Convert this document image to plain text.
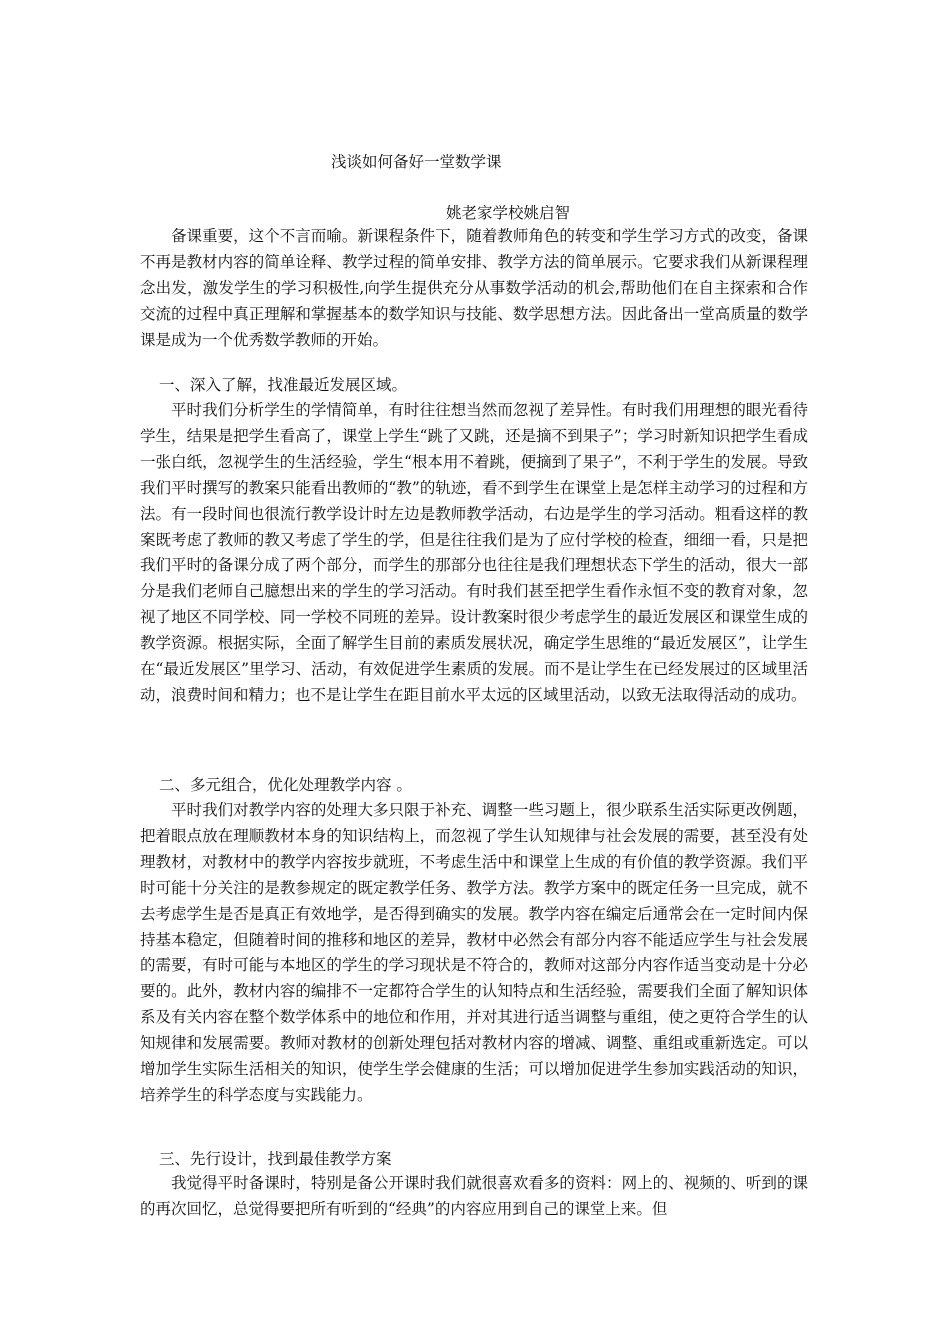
浅谈如何备好一堂数学课

姚老家学校姚启智

备课重要，这个不言而喻。新课程条件下，随着教师角色的转变和学生学习方式的改变，备课不再是教材内容的简单诠释、教学过程的简单安排、教学方法的简单展示。它要求我们从新课程理念出发，激发学生的学习积极性,向学生提供充分从事数学活动的机会,帮助他们在自主探索和合作交流的过程中真正理解和掌握基本的数学知识与技能、数学思想方法。因此备出一堂高质量的数学课是成为一个优秀数学教师的开始。

一、深入了解，找准最近发展区域。

平时我们分析学生的学情简单，有时往往想当然而忽视了差异性。有时我们用理想的眼光看待学生，结果是把学生看高了，课堂上学生“跳了又跳，还是摘不到果子”；学习时新知识把学生看成一张白纸，忽视学生的生活经验，学生“根本用不着跳，便摘到了果子”，不利于学生的发展。导致我们平时撰写的教案只能看出教师的“教”的轨迹，看不到学生在课堂上是怎样主动学习的过程和方法。有一段时间也很流行教学设计时左边是教师教学活动，右边是学生的学习活动。粗看这样的教案既考虑了教师的教又考虑了学生的学，但是往往我们是为了应付学校的检查，细细一看，只是把我们平时的备课分成了两个部分，而学生的那部分也往往是我们理想状态下学生的活动，很大一部分是我们老师自己臆想出来的学生的学习活动。有时我们甚至把学生看作永恒不变的教育对象，忽视了地区不同学校、同一学校不同班的差异。设计教案时很少考虑学生的最近发展区和课堂生成的教学资源。根据实际，全面了解学生目前的素质发展状况，确定学生思维的“最近发展区”，让学生在“最近发展区”里学习、活动，有效促进学生素质的发展。而不是让学生在已经发展过的区域里活动，浪费时间和精力；也不是让学生在距目前水平太远的区域里活动，以致无法取得活动的成功。

二、多元组合，优化处理教学内容 。

平时我们对教学内容的处理大多只限于补充、调整一些习题上，很少联系生活实际更改例题，把着眼点放在理顺教材本身的知识结构上，而忽视了学生认知规律与社会发展的需要，甚至没有处理教材，对教材中的教学内容按步就班，不考虑生活中和课堂上生成的有价值的教学资源。我们平时可能十分关注的是教参规定的既定教学任务、教学方法。教学方案中的既定任务一旦完成，就不去考虑学生是否是真正有效地学，是否得到确实的发展。教学内容在编定后通常会在一定时间内保持基本稳定，但随着时间的推移和地区的差异，教材中必然会有部分内容不能适应学生与社会发展的需要，有时可能与本地区的学生的学习现状是不符合的，教师对这部分内容作适当变动是十分必要的。此外，教材内容的编排不一定都符合学生的认知特点和生活经验，需要我们全面了解知识体系及有关内容在整个数学体系中的地位和作用，并对其进行适当调整与重组，使之更符合学生的认知规律和发展需要。教师对教材的创新处理包括对教材内容的增减、调整、重组或重新选定。可以增加学生实际生活相关的知识，使学生学会健康的生活；可以增加促进学生参加实践活动的知识，培养学生的科学态度与实践能力。

三、先行设计，找到最佳教学方案

我觉得平时备课时，特别是备公开课时我们就很喜欢看多的资料：网上的、视频的、听到的课的再次回忆，总觉得要把所有听到的“经典”的内容应用到自己的课堂上来。但
